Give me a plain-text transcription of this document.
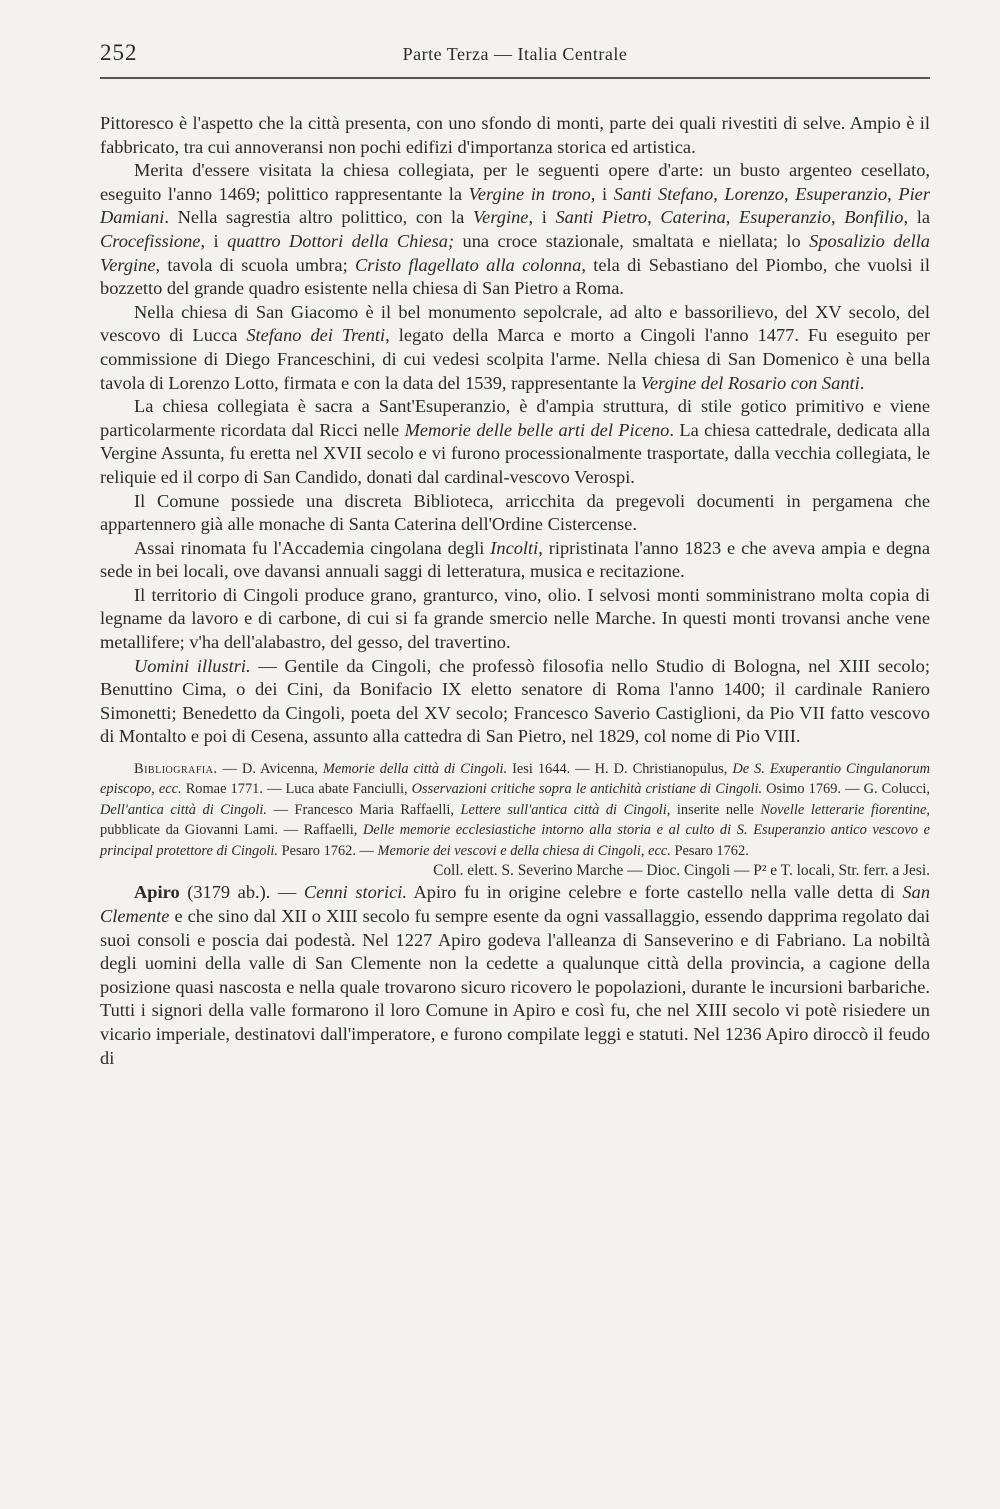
252	Parte Terza — Italia Centrale

Pittoresco è l'aspetto che la città presenta, con uno sfondo di monti, parte dei quali rivestiti di selve. Ampio è il fabbricato, tra cui annoveransi non pochi edifizi d'importanza storica ed artistica.

Merita d'essere visitata la chiesa collegiata, per le seguenti opere d'arte: un busto argenteo cesellato, eseguito l'anno 1469; polittico rappresentante la Vergine in trono, i Santi Stefano, Lorenzo, Esuperanzio, Pier Damiani. Nella sagrestia altro polittico, con la Vergine, i Santi Pietro, Caterina, Esuperanzio, Bonfilio, la Crocefissione, i quattro Dottori della Chiesa; una croce stazionale, smaltata e niellata; lo Sposalizio della Vergine, tavola di scuola umbra; Cristo flagellato alla colonna, tela di Sebastiano del Piombo, che vuolsi il bozzetto del grande quadro esistente nella chiesa di San Pietro a Roma.

Nella chiesa di San Giacomo è il bel monumento sepolcrale, ad alto e bassorilievo, del XV secolo, del vescovo di Lucca Stefano dei Trenti, legato della Marca e morto a Cingoli l'anno 1477. Fu eseguito per commissione di Diego Franceschini, di cui vedesi scolpita l'arme. Nella chiesa di San Domenico è una bella tavola di Lorenzo Lotto, firmata e con la data del 1539, rappresentante la Vergine del Rosario con Santi.

La chiesa collegiata è sacra a Sant'Esuperanzio, è d'ampia struttura, di stile gotico primitivo e viene particolarmente ricordata dal Ricci nelle Memorie delle belle arti del Piceno. La chiesa cattedrale, dedicata alla Vergine Assunta, fu eretta nel XVII secolo e vi furono processionalmente trasportate, dalla vecchia collegiata, le reliquie ed il corpo di San Candido, donati dal cardinal-vescovo Verospi.

Il Comune possiede una discreta Biblioteca, arricchita da pregevoli documenti in pergamena che appartennero già alle monache di Santa Caterina dell'Ordine Cistercense.

Assai rinomata fu l'Accademia cingolana degli Incolti, ripristinata l'anno 1823 e che aveva ampia e degna sede in bei locali, ove davansi annuali saggi di letteratura, musica e recitazione.

Il territorio di Cingoli produce grano, granturco, vino, olio. I selvosi monti somministrano molta copia di legname da lavoro e di carbone, di cui si fa grande smercio nelle Marche. In questi monti trovansi anche vene metallifere; v'ha dell'alabastro, del gesso, del travertino.

Uomini illustri. — Gentile da Cingoli, che professò filosofia nello Studio di Bologna, nel XIII secolo; Benuttino Cima, o dei Cini, da Bonifacio IX eletto senatore di Roma l'anno 1400; il cardinale Raniero Simonetti; Benedetto da Cingoli, poeta del XV secolo; Francesco Saverio Castiglioni, da Pio VII fatto vescovo di Montalto e poi di Cesena, assunto alla cattedra di San Pietro, nel 1829, col nome di Pio VIII.

Bibliografia. — D. Avicenna, Memorie della città di Cingoli. Iesi 1644. — H. D. Christianopulus, De S. Exuperantio Cingulanorum episcopo, ecc. Romae 1771. — Luca abate Fanciulli, Osservazioni critiche sopra le antichità cristiane di Cingoli. Osimo 1769. — G. Colucci, Dell'antica città di Cingoli. — Francesco Maria Raffaelli, Lettere sull'antica città di Cingoli, inserite nelle Novelle letterarie fiorentine, pubblicate da Giovanni Lami. — Raffaelli, Delle memorie ecclesiastiche intorno alla storia e al culto di S. Esuperanzio antico vescovo e principal protettore di Cingoli. Pesaro 1762. — Memorie dei vescovi e della chiesa di Cingoli, ecc. Pesaro 1762.

Coll. elett. S. Severino Marche — Dioc. Cingoli — P² e T. locali, Str. ferr. a Jesi.

Apiro (3179 ab.). — Cenni storici. Apiro fu in origine celebre e forte castello nella valle detta di San Clemente e che sino dal XII o XIII secolo fu sempre esente da ogni vassallaggio, essendo dapprima regolato dai suoi consoli e poscia dai podestà. Nel 1227 Apiro godeva l'alleanza di Sanseverino e di Fabriano. La nobiltà degli uomini della valle di San Clemente non la cedette a qualunque città della provincia, a cagione della posizione quasi nascosta e nella quale trovarono sicuro ricovero le popolazioni, durante le incursioni barbariche. Tutti i signori della valle formarono il loro Comune in Apiro e così fu, che nel XIII secolo vi potè risiedere un vicario imperiale, destinatovi dall'imperatore, e furono compilate leggi e statuti. Nel 1236 Apiro diroccò il feudo di
